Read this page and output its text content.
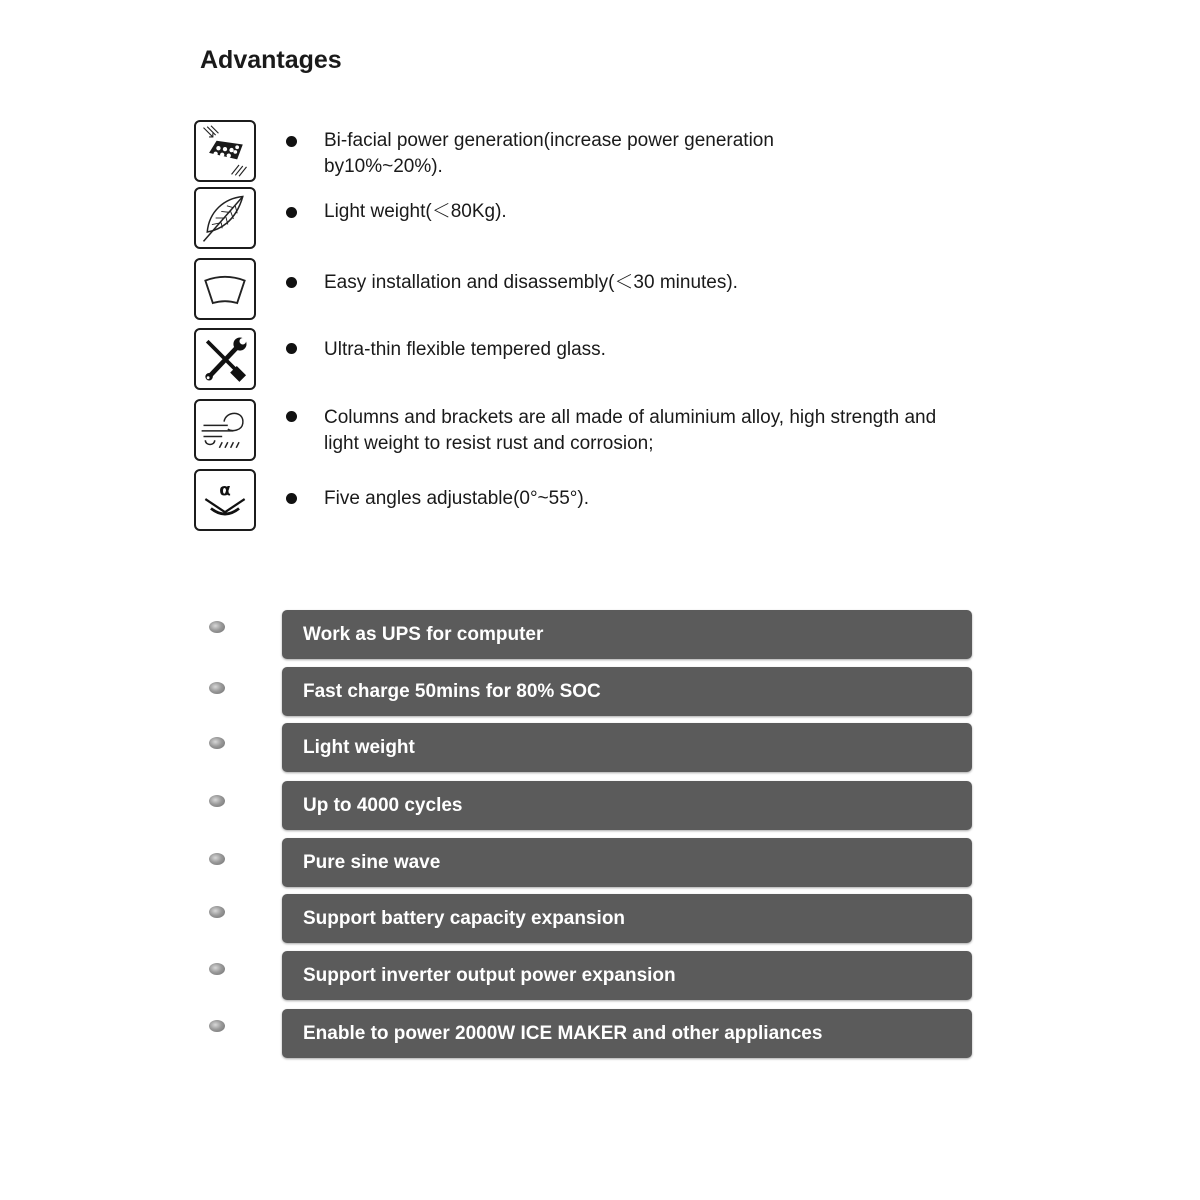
Advantages
Bi-facial power generation(increase power generation
by10%~20%).
Light weight(＜80Kg).
Easy installation and disassembly(＜30 minutes).
Ultra-thin flexible tempered glass.
Columns and brackets are all made of aluminium alloy, high strength and
light weight to resist rust and corrosion;
α	Five angles adjustable(0°~55°).
Work as UPS for computer
Fast charge 50mins for 80% SOC
Light weight
Up to 4000 cycles
Pure sine wave
Support battery capacity expansion
Support inverter output power expansion
Enable to power 2000W ICE MAKER and other appliances
